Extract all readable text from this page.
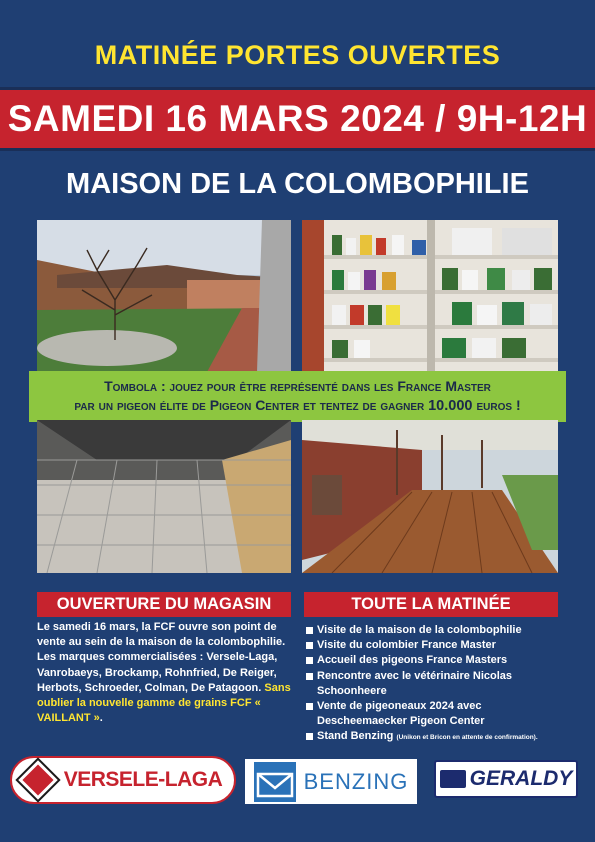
MATINÉE PORTES OUVERTES
SAMEDI 16 MARS 2024 / 9H-12H
MAISON DE LA COLOMBOPHILIE
Tombola : jouez pour être représenté dans les France Master
par un pigeon élite de Pigeon Center et tentez de gagner 10.000 euros !
OUVERTURE DU MAGASIN	TOUTE LA MATINÉE
Le samedi 16 mars, la FCF ouvre son point de vente au sein de la maison de la colombophilie. Les marques commercialisées : Versele-Laga, Vanrobaeys, Brockamp, Rohnfried, De Reiger, Herbots, Schroeder, Colman, De Patagoon. Sans oublier la nouvelle gamme de grains FCF « VAILLANT ».
Visite de la maison de la colombophilie
Visite du colombier France Master
Accueil des pigeons France Masters
Rencontre avec le vétérinaire Nicolas Schoonheere
Vente de pigeoneaux 2024 avec Descheemaecker Pigeon Center
Stand Benzing (Unikon et Bricon en attente de confirmation).
VERSELE-LAGA	BENZING	GERALDY
